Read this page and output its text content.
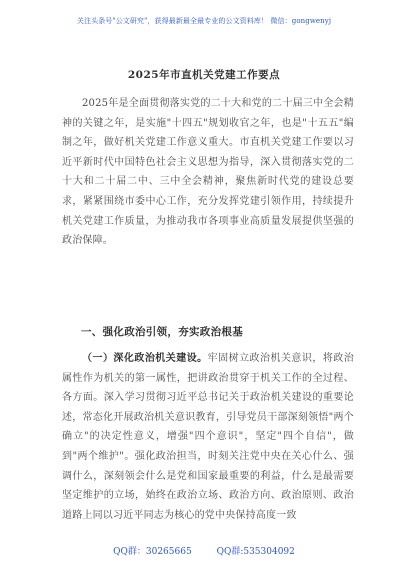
关注头条号"公文研究"，获得最新最全最专业的公文资料库！ 微信：gongwenyj
2025年市直机关党建工作要点

2025年是全面贯彻落实党的二十大和党的二十届三中全会精神的关键之年，是实施"十四五"规划收官之年，也是"十五五"编制之年，做好机关党建工作意义重大。市直机关党建工作要以习近平新时代中国特色社会主义思想为指导，深入贯彻落实党的二十大和二十届二中、三中全会精神，聚焦新时代党的建设总要求，紧紧围绕市委中心工作，充分发挥党建引领作用，持续提升机关党建工作质量，为推动我市各项事业高质量发展提供坚强的政治保障。

一、强化政治引领，夯实政治根基

（一）深化政治机关建设。牢固树立政治机关意识，将政治属性作为机关的第一属性，把讲政治贯穿于机关工作的全过程、各方面。深入学习贯彻习近平总书记关于政治机关建设的重要论述，常态化开展政治机关意识教育，引导党员干部深刻领悟"两个确立"的决定性意义，增强"四个意识"，坚定"四个自信"，做到"两个维护"。强化政治担当，时刻关注党中央在关心什么、强调什么，深刻领会什么是党和国家最重要的利益，什么是最需要坚定维护的立场，始终在政治立场、政治方向、政治原则、政治道路上同以习近平同志为核心的党中央保持高度一致

QQ群：30265665	QQ群:535304092
